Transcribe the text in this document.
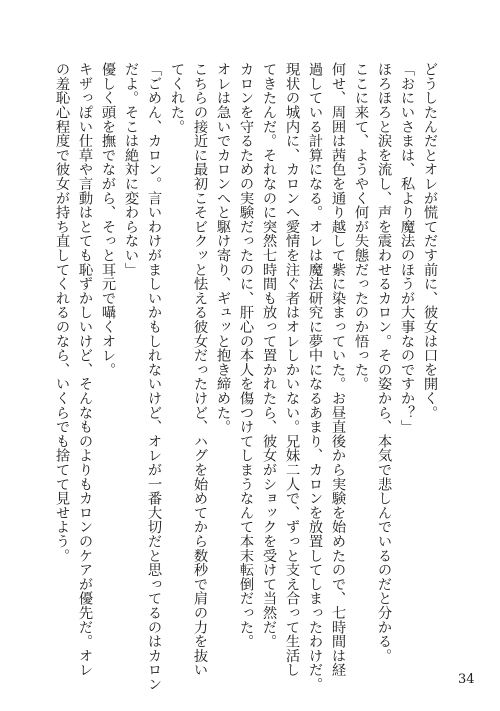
どうしたんだとオレが慌てだす前に、彼女は口を開く。
「おにいさまは、私より魔法のほうが大事なのですか？」
ほろほろと涙を流し、声を震わせるカロン。その姿から、本気で悲しんでいるのだと分かる。
ここに来て、ようやく何が失態だったのか悟った。
何せ、周囲は茜色を通り越して紫に染まっていた。お昼直後から実験を始めたので、七時間は経
過している計算になる。オレは魔法研究に夢中になるあまり、カロンを放置してしまったわけだ。
現状の城内に、カロンへ愛情を注ぐ者はオレしかいない。兄妹二人で、ずっと支え合って生活し
てきたんだ。それなのに突然七時間も放って置かれたら、彼女がショックを受けて当然だ。
カロンを守るための実験だったのに、肝心の本人を傷つけてしまうなんて本末転倒だった。
オレは急いでカロンへと駆け寄り、ギュッと抱き締めた。
こちらの接近に最初こそビクッと怯える彼女だったけど、ハグを始めてから数秒で肩の力を抜い
てくれた。
「ごめん、カロン。言いわけがましいかもしれないけど、オレが一番大切だと思ってるのはカロン
だよ。そこは絶対に変わらない」
優しく頭を撫でながら、そっと耳元で囁くオレ。
キザっぽい仕草や言動はとても恥ずかしいけど、そんなものよりもカロンのケアが優先だ。オレ
の羞恥心程度で彼女が持ち直してくれるのなら、いくらでも捨てて見せよう。
34
